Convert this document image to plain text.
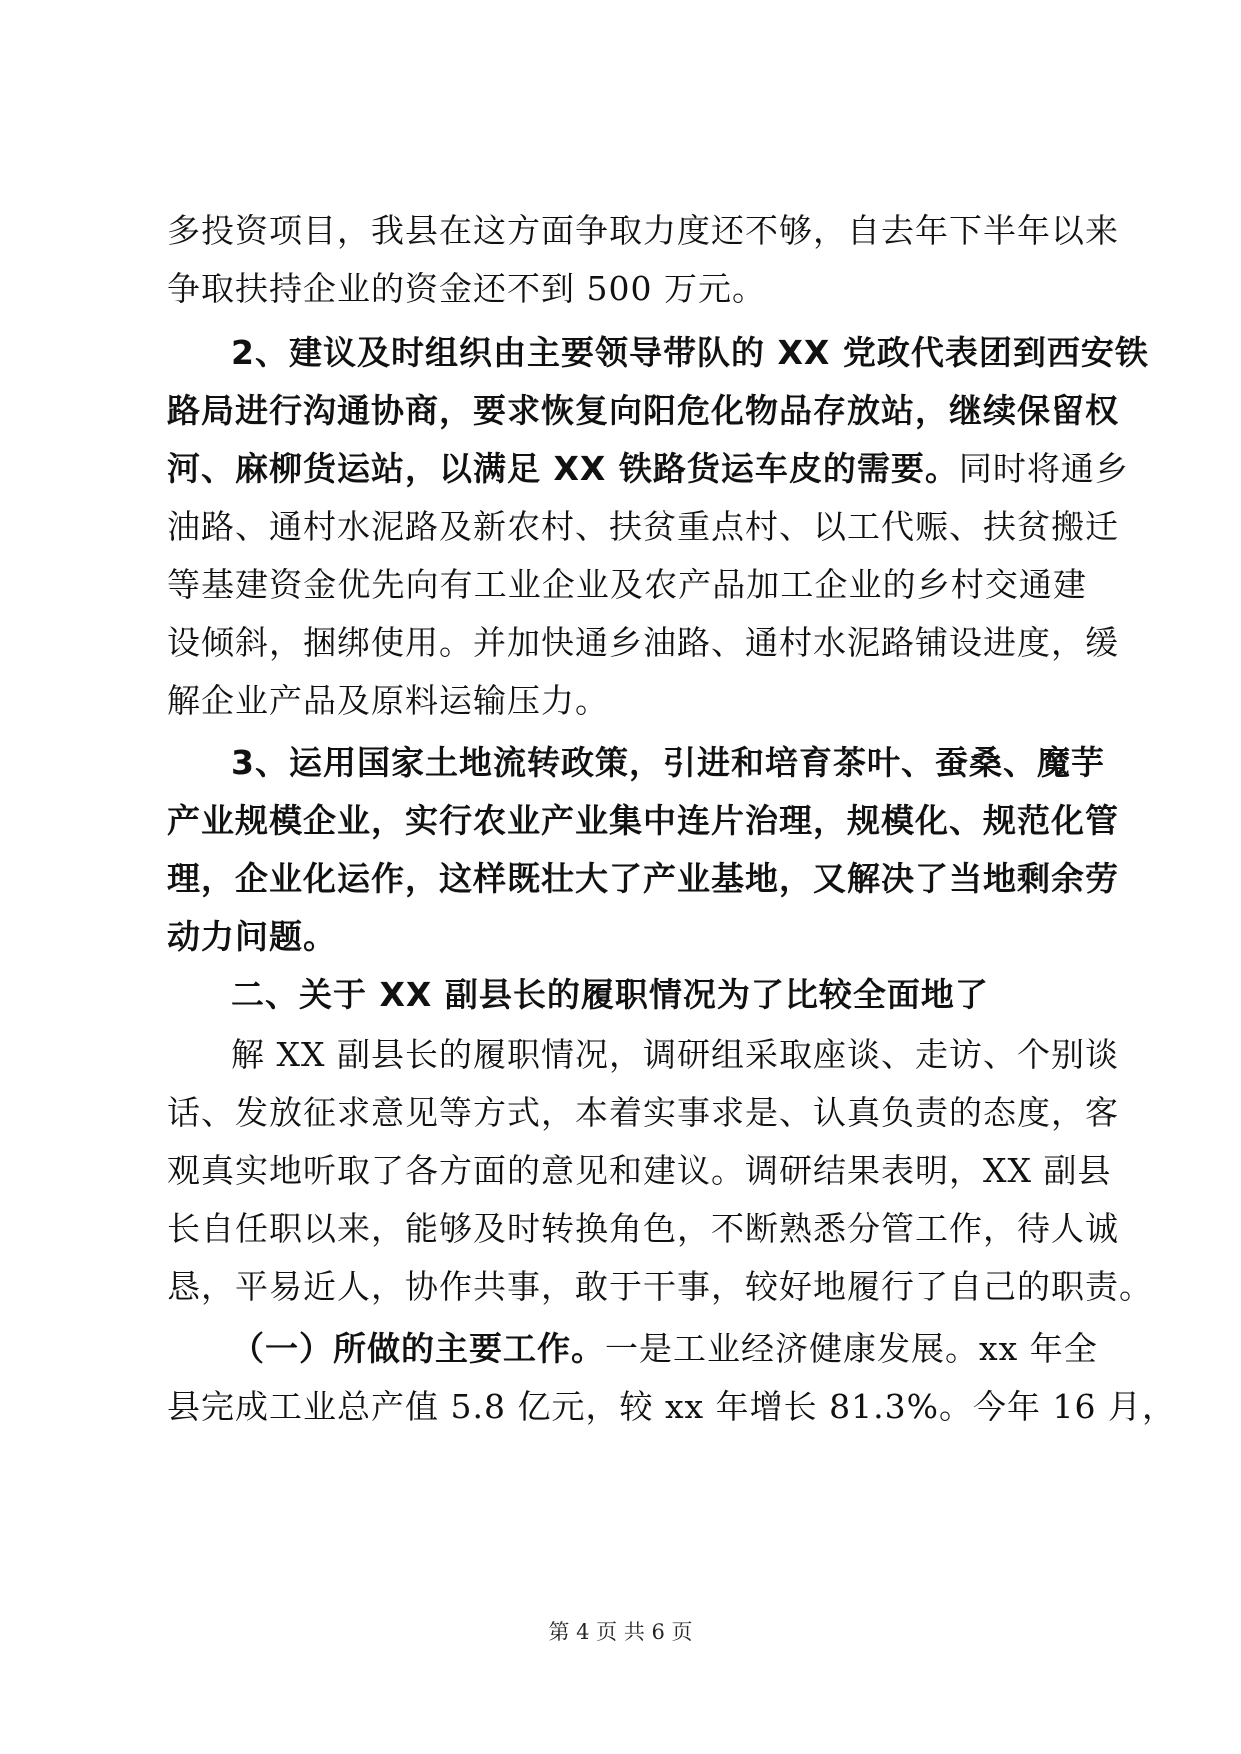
多投资项目，我县在这方面争取力度还不够，自去年下半年以来
争取扶持企业的资金还不到 500 万元。
2、建议及时组织由主要领导带队的 XX 党政代表团到西安铁
路局进行沟通协商，要求恢复向阳危化物品存放站，继续保留权
河、麻柳货运站，以满足 XX 铁路货运车皮的需要。同时将通乡
油路、通村水泥路及新农村、扶贫重点村、以工代赈、扶贫搬迁
等基建资金优先向有工业企业及农产品加工企业的乡村交通建
设倾斜，捆绑使用。并加快通乡油路、通村水泥路铺设进度，缓
解企业产品及原料运输压力。
3、运用国家土地流转政策，引进和培育茶叶、蚕桑、魔芋
产业规模企业，实行农业产业集中连片治理，规模化、规范化管
理，企业化运作，这样既壮大了产业基地，又解决了当地剩余劳
动力问题。
二、关于 XX 副县长的履职情况为了比较全面地了
解 XX 副县长的履职情况，调研组采取座谈、走访、个别谈
话、发放征求意见等方式，本着实事求是、认真负责的态度，客
观真实地听取了各方面的意见和建议。调研结果表明，XX 副县
长自任职以来，能够及时转换角色，不断熟悉分管工作，待人诚
恳，平易近人，协作共事，敢于干事，较好地履行了自己的职责。
（一）所做的主要工作。一是工业经济健康发展。xx 年全
县完成工业总产值 5.8 亿元，较 xx 年增长 81.3%。今年 16 月，
第 4 页 共 6 页
